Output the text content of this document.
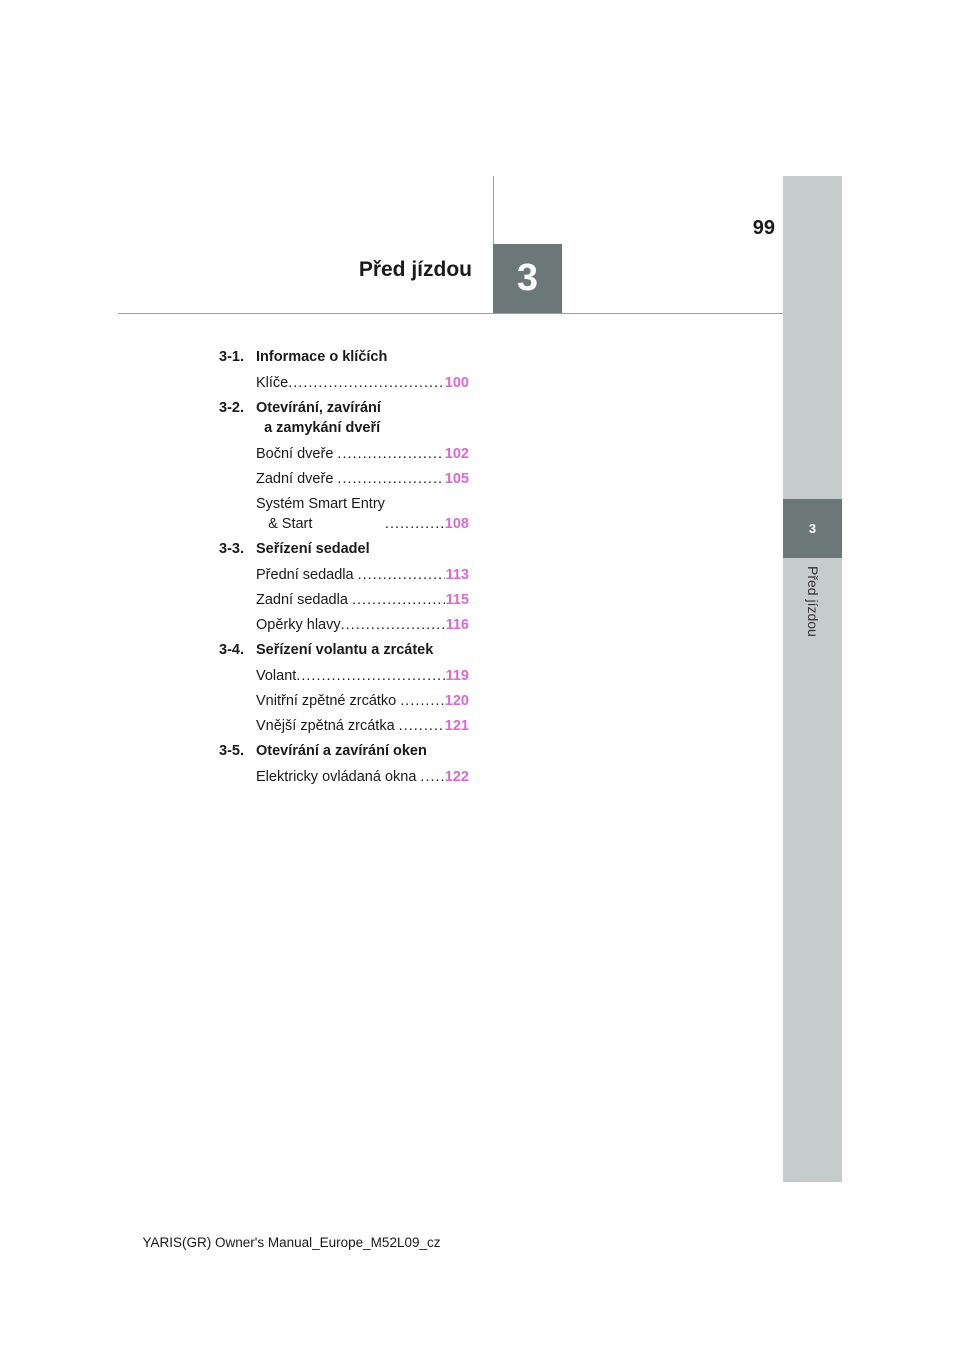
3
Před jízdou
99
3
Před jízdou
3-1. Informace o klíčích
Klíče .....	100
3-2. Otevírání, zavírání
a zamykání dveří
Boční dveře .....	102
Zadní dveře .....	105
Systém Smart Entry
& Start .....	108
3-3. Seřízení sedadel
Přední sedadla .....	113
Zadní sedadla .....	115
Opěrky hlavy .....	116
3-4. Seřízení volantu a zrcátek
Volant .....	119
Vnitřní zpětné zrcátko .....	120
Vnější zpětná zrcátka .....	121
3-5. Otevírání a zavírání oken
Elektricky ovládaná okna ..... 122
YARIS(GR) Owner's Manual_Europe_M52L09_cz
